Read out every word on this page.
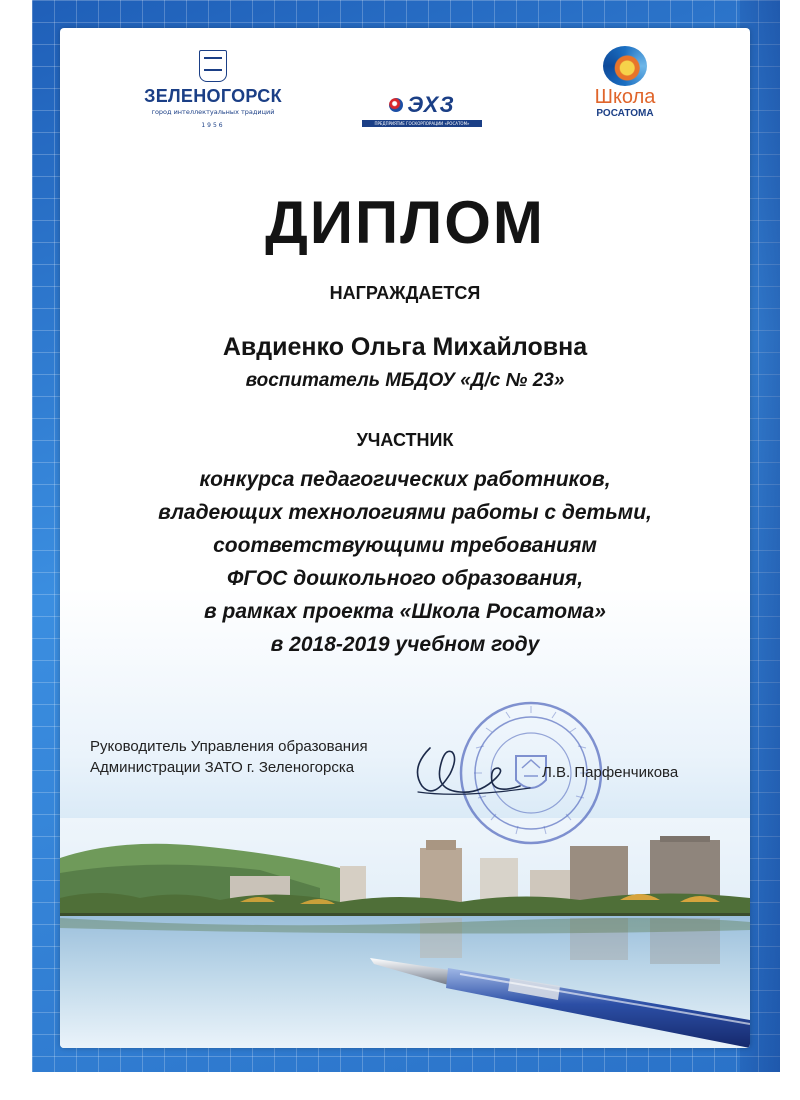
ЗЕЛЕНОГОРСК
город интеллектуальных традиций
1956
ЭХЗ
ПРЕДПРИЯТИЕ ГОСКОРПОРАЦИИ «РОСАТОМ»
Школа
РОСАТОМА
ДИПЛОМ
НАГРАЖДАЕТСЯ
Авдиенко Ольга Михайловна
воспитатель МБДОУ «Д/с № 23»
УЧАСТНИК
конкурса педагогических работников,
владеющих технологиями работы с детьми,
соответствующими требованиям
ФГОС дошкольного образования,
в рамках проекта «Школа Росатома»
в 2018-2019 учебном году
Руководитель Управления образования
Администрации ЗАТО г. Зеленогорска	Л.В. Парфенчикова
